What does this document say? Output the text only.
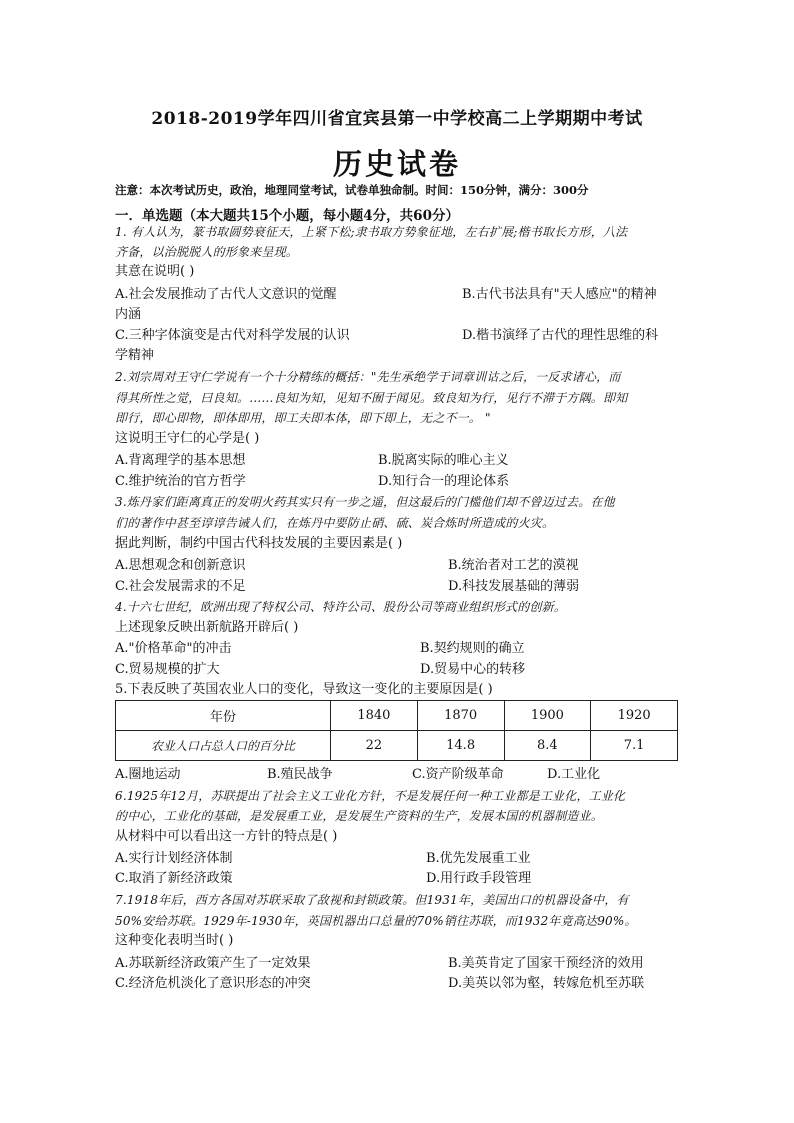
2018-2019学年四川省宜宾县第一中学校高二上学期期中考试
历史试卷
注意：本次考试历史，政治，地理同堂考试，试卷单独命制。时间：150分钟，满分：300分
一．单选题（本大题共15个小题，每小题4分，共60分）
1. 有人认为，篆书取圆势衰征天，上紧下松;隶书取方势象征地，左右扩展;楷书取长方形，八法
齐备，以治脱脱人的形象来呈现。
其意在说明( )
A.社会发展推动了古代人文意识的觉醒	B.古代书法具有"天人感应"的精神
内涵
C.三种字体演变是古代对科学发展的认识	D.楷书演绎了古代的理性思维的科
学精神
2.刘宗周对王守仁学说有一个十分精练的概括："先生承绝学于词章训诂之后，一反求诸心，而
得其所性之觉，曰良知。……良知为知，见知不囿于闻见。致良知为行，见行不滞于方隅。即知
即行，即心即物，即体即用，即工夫即本体，即下即上，无之不一。 "
这说明王守仁的心学是( )
A.背离理学的基本思想	B.脱离实际的唯心主义
C.维护统治的官方哲学	D.知行合一的理论体系
3.炼丹家们距离真正的发明火药其实只有一步之遥，但这最后的门槛他们却不曾迈过去。在他
们的著作中甚至谆谆告诫人们，在炼丹中要防止硝、硫、炭合炼时所造成的火灾。
据此判断，制约中国古代科技发展的主要因素是( )
A.思想观念和创新意识	B.统治者对工艺的漠视
C.社会发展需求的不足	D.科技发展基础的薄弱
4.十六七世纪，欧洲出现了特权公司、特许公司、股份公司等商业组织形式的创新。
上述现象反映出新航路开辟后( )
A."价格革命"的冲击	B.契约规则的确立
C.贸易规模的扩大	D.贸易中心的转移
5.下表反映了英国农业人口的变化，导致这一变化的主要原因是( )
年份	1840	1870	1900	1920
农业人口占总人口的百分比	22	14.8	8.4	7.1
A.圈地运动	B.殖民战争	C.资产阶级革命	D.工业化
6.1925年12月，苏联提出了社会主义工业化方针，不是发展任何一种工业都是工业化，工业化
的中心，工业化的基础，是发展重工业，是发展生产资料的生产，发展本国的机器制造业。
从材料中可以看出这一方针的特点是( )
A.实行计划经济体制	B.优先发展重工业
C.取消了新经济政策	D.用行政手段管理
7.1918年后，西方各国对苏联采取了敌视和封锁政策。但1931年，美国出口的机器设备中，有
50%安给苏联。1929年-1930年，英国机器出口总量的70%销往苏联，而1932年竟高达90%。
这种变化表明当时( )
A.苏联新经济政策产生了一定效果	B.美英肯定了国家干预经济的效用
C.经济危机淡化了意识形态的冲突	D.美英以邻为壑，转嫁危机至苏联
